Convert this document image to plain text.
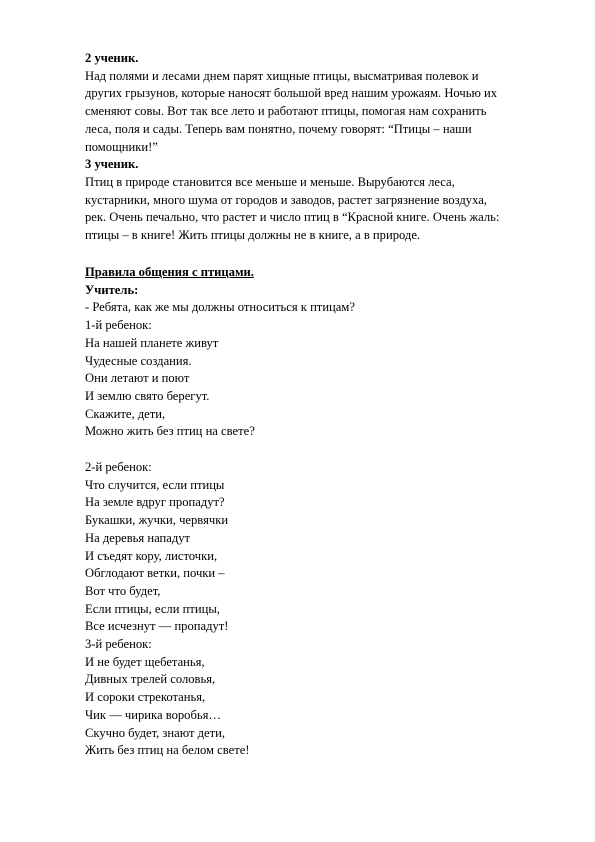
2 ученик.
Над полями и лесами днем парят хищные птицы, высматривая полевок и
других грызунов, которые наносят большой вред нашим урожаям. Ночью их
сменяют совы. Вот так все лето и работают птицы, помогая нам сохранить
леса, поля и сады. Теперь вам понятно, почему говорят: “Птицы – наши
помощники!”
3 ученик.
Птиц в природе становится все меньше и меньше. Вырубаются леса,
кустарники, много шума от городов и заводов, растет загрязнение воздуха,
рек. Очень печально, что растет и число птиц в “Красной книге. Очень жаль:
птицы – в книге! Жить птицы должны не в книге, а в природе.
Правила общения с птицами.
Учитель:
- Ребята, как же мы должны относиться к птицам?
1-й ребенок:
На нашей планете живут
Чудесные создания.
Они летают и поют
И землю свято берегут.
Скажите, дети,
Можно жить без птиц на свете?
2-й ребенок:
Что случится, если птицы
На земле вдруг пропадут?
Букашки, жучки, червячки
На деревья нападут
И съедят кору, листочки,
Обглодают ветки, почки –
Вот что будет,
Если птицы, если птицы,
Все исчезнут — пропадут!
3-й ребенок:
И не будет щебетанья,
Дивных трелей соловья,
И сороки стрекотанья,
Чик — чирика воробья…
Скучно будет, знают дети,
Жить без птиц на белом свете!
